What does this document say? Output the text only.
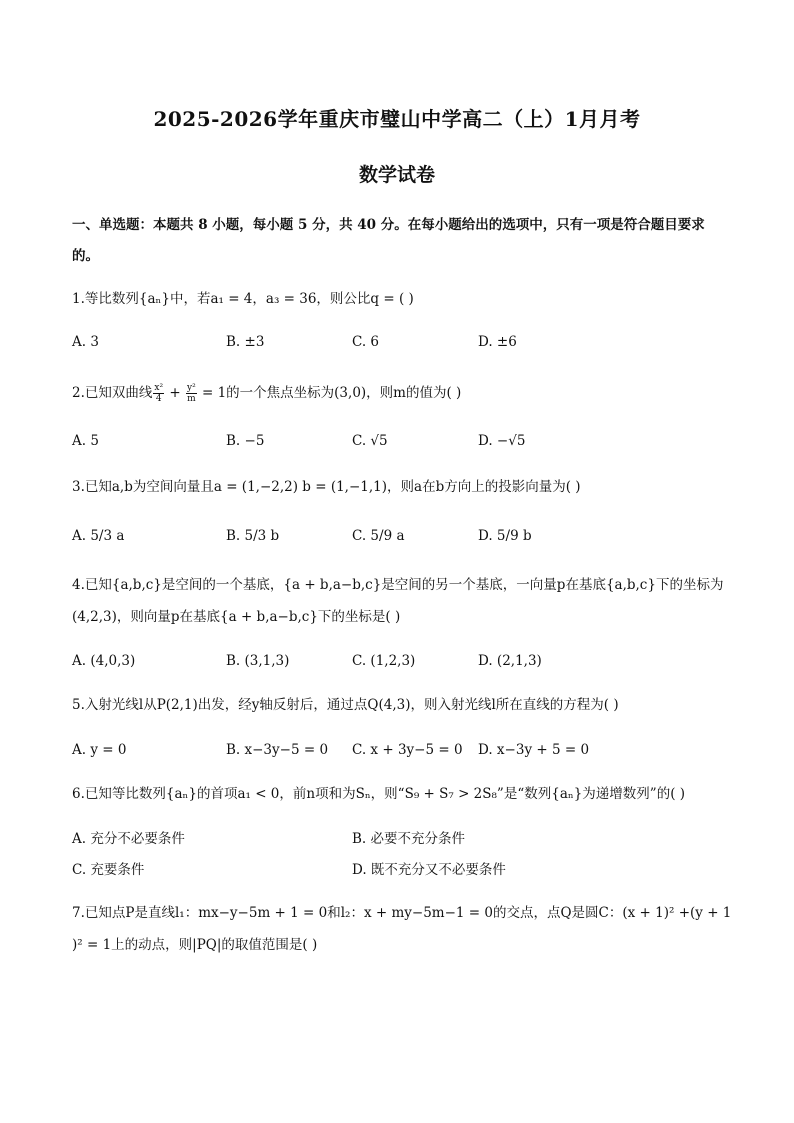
2025-2026学年重庆市璧山中学高二（上）1月月考
数学试卷
一、单选题：本题共 8 小题，每小题 5 分，共 40 分。在每小题给出的选项中，只有一项是符合题目要求的。
1.等比数列{aₙ}中，若a₁ = 4，a₃ = 36，则公比q = ( )
A. 3	B. ±3	C. 6	D. ±6
2.已知双曲线 $\frac{\text{x²}}{4} + \frac{\text{y²}}{m} = 1$的一个焦点坐标为(3,0)，则m的值为( )
A. 5	B. −5	C. √5	D. −√5
3.已知a,b为空间向量且a = (1,−2,2) b = (1,−1,1)，则a在b方向上的投影向量为( )
A. 5/3 a	B. 5/3 b	C. 5/9 a	D. 5/9 b
4.已知{a,b,c}是空间的一个基底，{a + b,a−b,c}是空间的另一个基底，一向量p在基底{a,b,c}下的坐标为
(4,2,3)，则向量p在基底{a + b,a−b,c}下的坐标是( )
A. (4,0,3)	B. (3,1,3)	C. (1,2,3)	D. (2,1,3)
5.入射光线l从P(2,1)出发，经y轴反射后，通过点Q(4,3)，则入射光线l所在直线的方程为( )
A. y = 0	B. x−3y−5 = 0 C. x + 3y−5 = 0 D. x−3y + 5 = 0
6.已知等比数列{aₙ}的首项a₁ < 0，前n项和为Sₙ，则“S₉ + S₇ > 2S₈”是“数列{aₙ}为递增数列”的( )
A. 充分不必要条件	B. 必要不充分条件
C. 充要条件	D. 既不充分又不必要条件
7.已知点P是直线l₁：mx−y−5m + 1 = 0和l₂：x + my−5m−1 = 0的交点，点Q是圆C：(x + 1)² +(y + 1
)² = 1上的动点，则|PQ|的取值范围是( )
